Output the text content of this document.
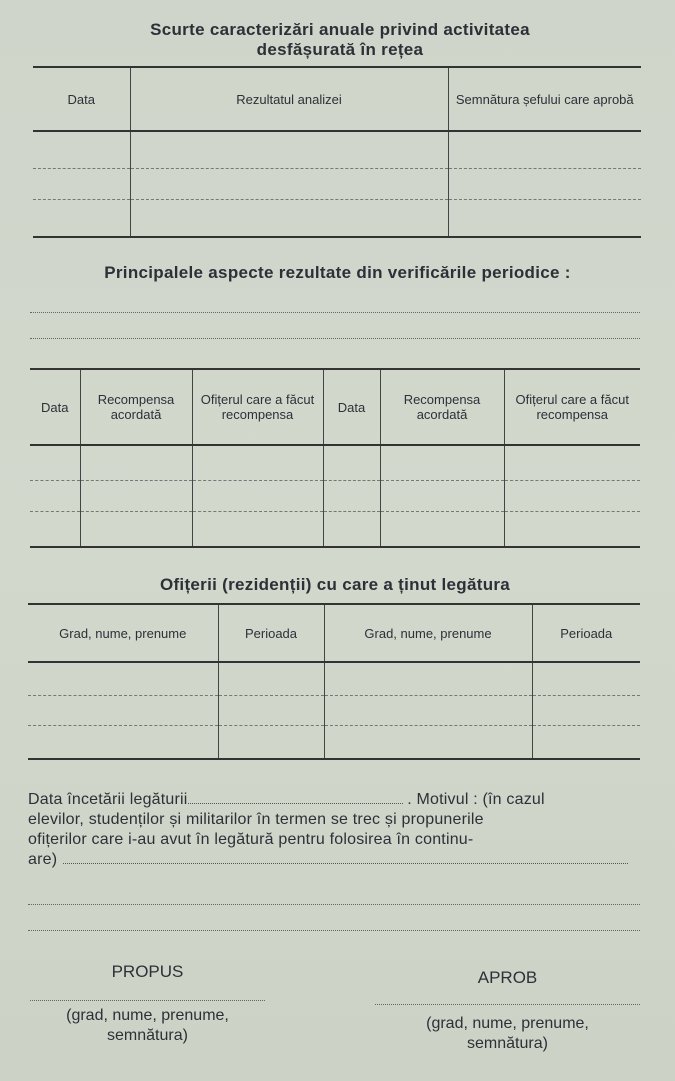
Scurte caracterizări anuale privind activitatea
desfășurată în rețea
Data	Rezultatul analizei	Semnătura șefului care aprobă

Principalele aspecte rezultate din verificările periodice :
Data	Recompensa acordată	Ofițerul care a făcut recompensa	Data	Recompensa acordată	Ofițerul care a făcut recompensa

Ofițerii (rezidenții) cu care a ținut legătura
Grad, nume, prenume	Perioada	Grad, nume, prenume	Perioada

Data încetării legăturii	. Motivul : (în cazul
elevilor, studenților și militarilor în termen se trec și propunerile
ofițerilor care i-au avut în legătură pentru folosirea în continu-
are)
PROPUS
(grad, nume, prenume,
semnătura)
APROB
(grad, nume, prenume,
semnătura)
